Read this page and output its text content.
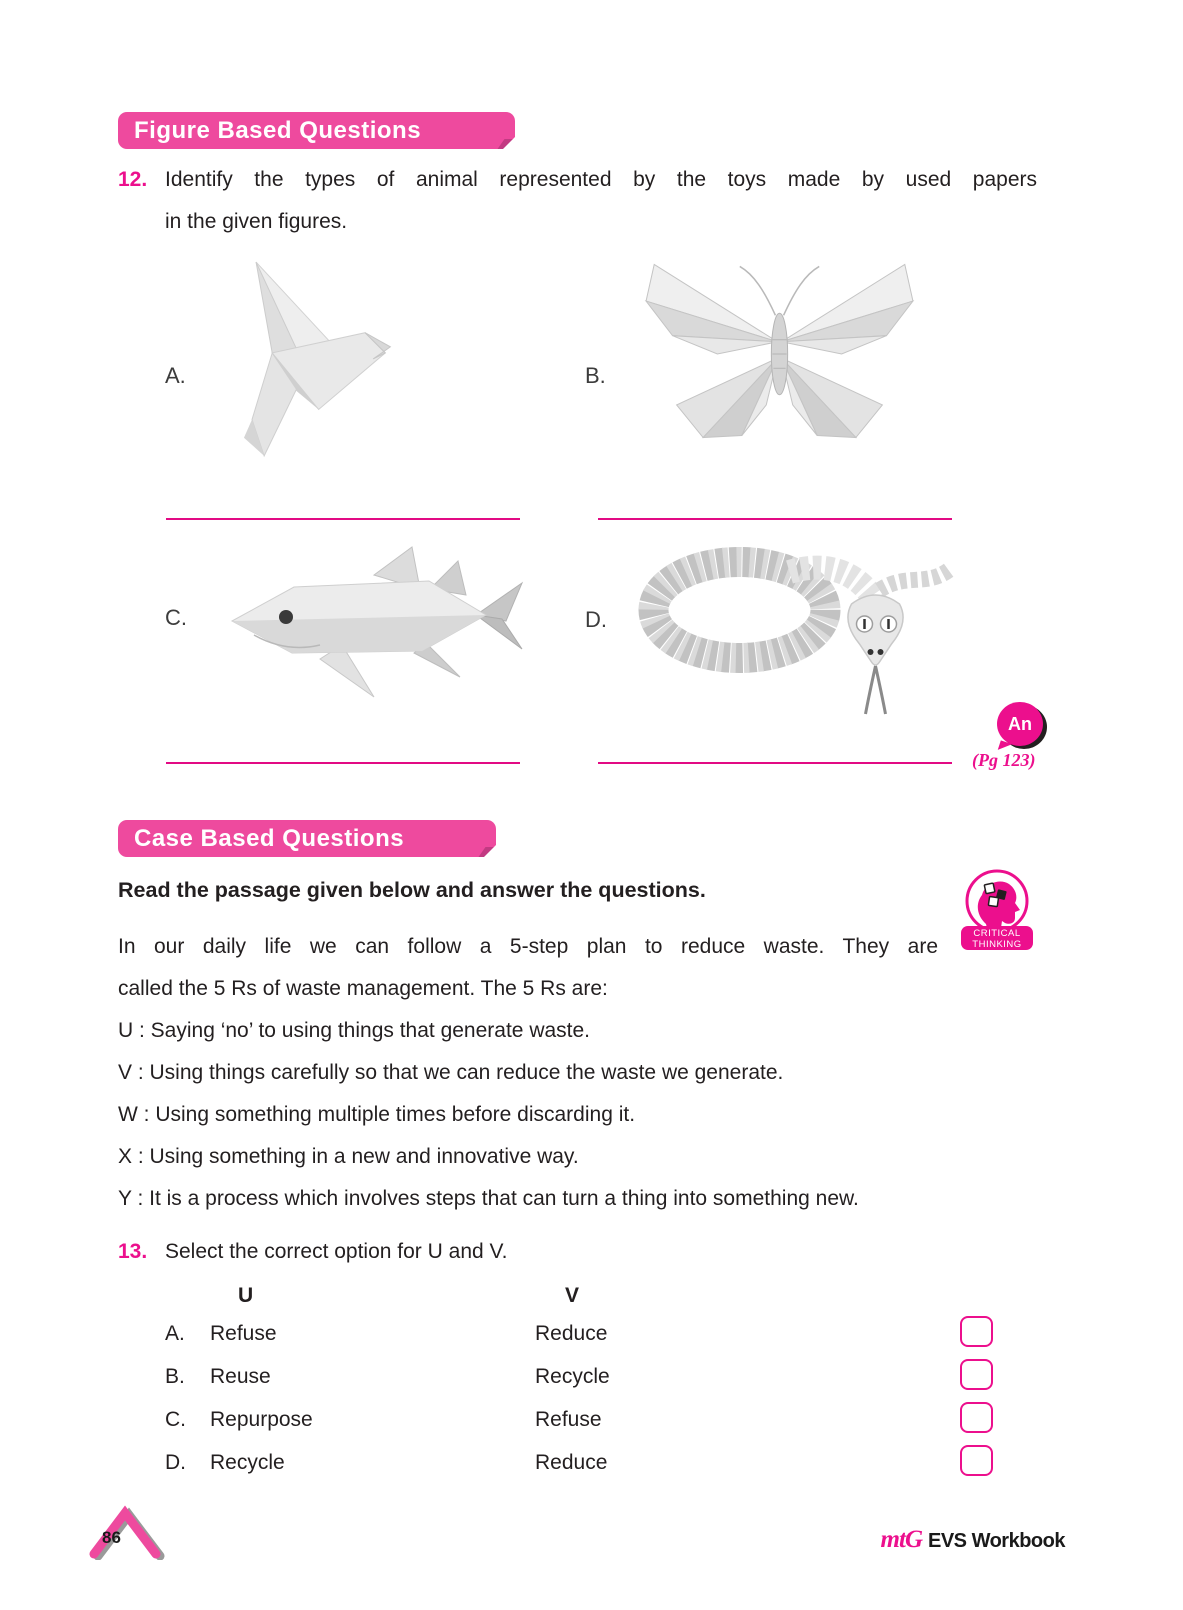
Figure Based Questions
12. Identify the types of animal represented by the toys made by used papers
in the given figures.
A.	B.
C.	D.
An
(Pg 123)
Case Based Questions
Read the passage given below and answer the questions.
CRITICAL
THINKING
In our daily life we can follow a 5-step plan to reduce waste. They are
called the 5 Rs of waste management. The 5 Rs are:
U : Saying ‘no’ to using things that generate waste.
V : Using things carefully so that we can reduce the waste we generate.
W : Using something multiple times before discarding it.
X : Using something in a new and innovative way.
Y : It is a process which involves steps that can turn a thing into something new.
13. Select the correct option for U and V.
U	V
A. Refuse	Reduce
B. Reuse	Recycle
C. Repurpose	Refuse
D. Recycle	Reduce
86	mtG EVS Workbook
